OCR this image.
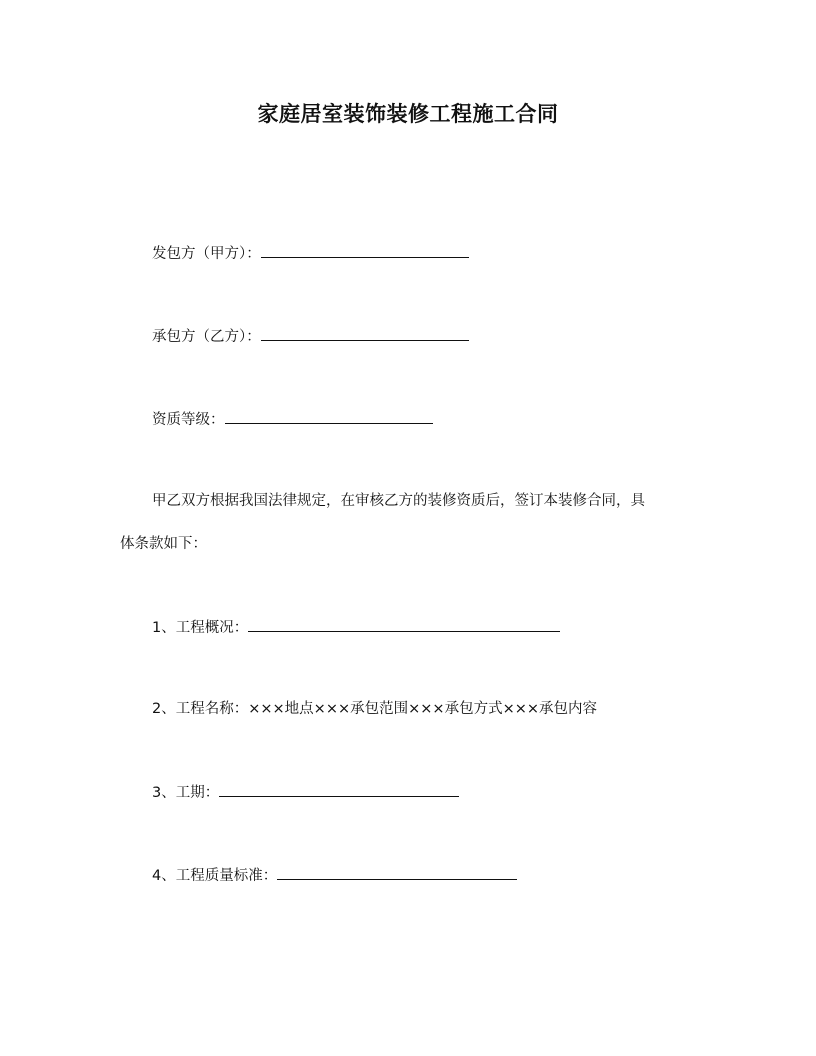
家庭居室装饰装修工程施工合同
发包方（甲方）：
承包方（乙方）：
资质等级：
甲乙双方根据我国法律规定，在审核乙方的装修资质后，签订本装修合同，具
体条款如下：
1、工程概况：
2、工程名称：×××地点×××承包范围×××承包方式×××承包内容
3、工期：
4、工程质量标准：
